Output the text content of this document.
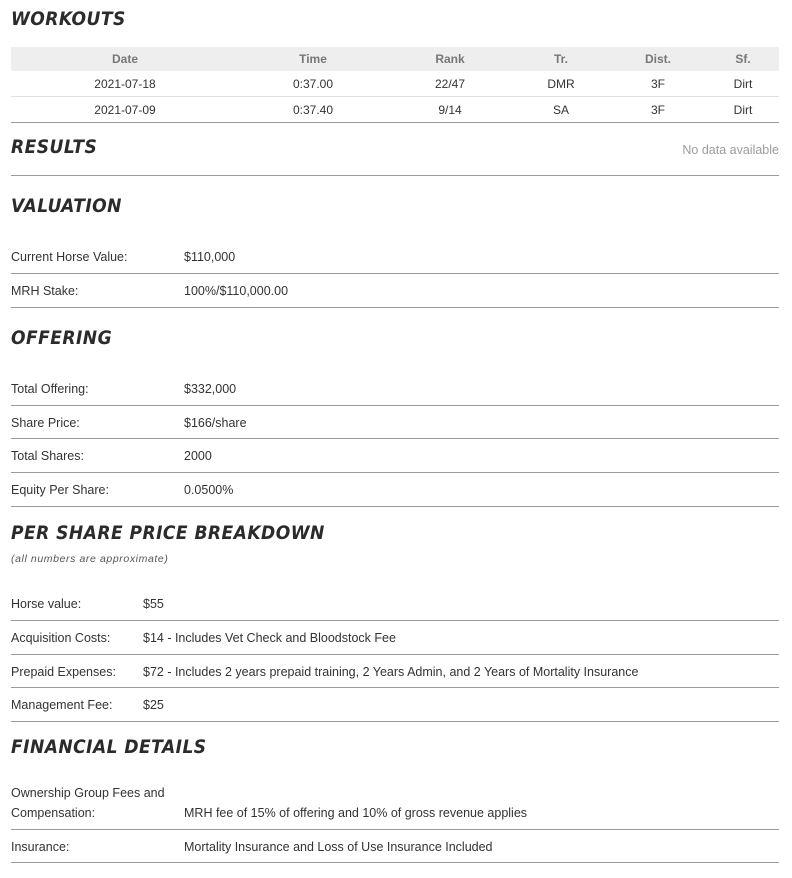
WORKOUTS
Date	Time	Rank	Tr.	Dist.	Sf.
2021-07-18	0:37.00	22/47	DMR	3F	Dirt
2021-07-09	0:37.40	9/14	SA	3F	Dirt
RESULTS	No data available
VALUATION
Current Horse Value:	$110,000
MRH Stake:	100%/$110,000.00
OFFERING
Total Offering:	$332,000
Share Price:	$166/share
Total Shares:	2000
Equity Per Share:	0.0500%
PER SHARE PRICE BREAKDOWN
(all numbers are approximate)
Horse value:	$55
Acquisition Costs:	$14 - Includes Vet Check and Bloodstock Fee
Prepaid Expenses: $72 - Includes 2 years prepaid training, 2 Years Admin, and 2 Years of Mortality Insurance
Management Fee: $25
FINANCIAL DETAILS
Ownership Group Fees and
Compensation:	MRH fee of 15% of offering and 10% of gross revenue applies
Insurance:	Mortality Insurance and Loss of Use Insurance Included
